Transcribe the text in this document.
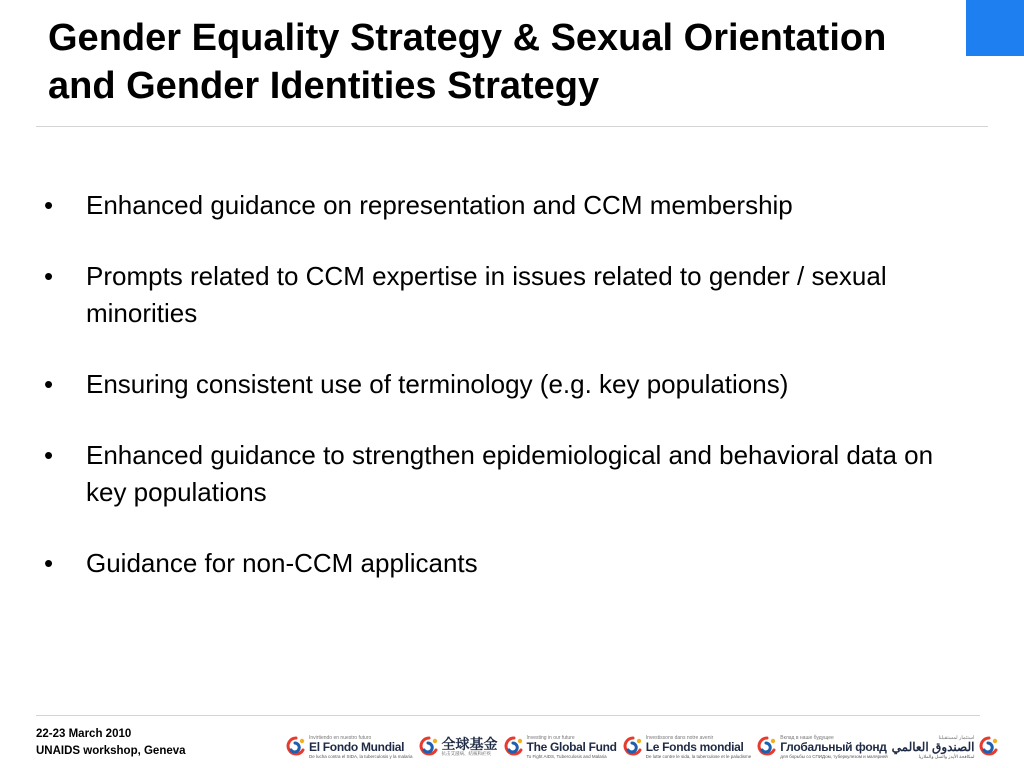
Gender Equality Strategy & Sexual Orientation and Gender Identities Strategy
•	Enhanced guidance on representation and CCM membership
•	Prompts related to CCM expertise in issues related to gender / sexual minorities
•	Ensuring consistent use of terminology (e.g. key populations)
•	Enhanced guidance to strengthen epidemiological and behavioral data on key populations
•	Guidance for non-CCM applicants
22-23 March 2010
UNAIDS workshop, Geneva
Invirtiendo en nuestro futuro
El Fondo Mundial
De lucha contra el SIDA, la tuberculosis y la malaria
全球基金
抗击艾滋病、结核和疟疾
Investing in our future
The Global Fund
To Fight AIDS, Tuberculosis and Malaria
Investissons dans notre avenir
Le Fonds mondial
De lutte contre le sida, la tuberculose et le paludisme
Вклад в наше будущее
Глобальный фонд
для борьбы со СПИДом, туберкулезом и малярией
استثمار لمستقبلنا
الصندوق العالمي
لمكافحة الأيدز والسل والملاريا
